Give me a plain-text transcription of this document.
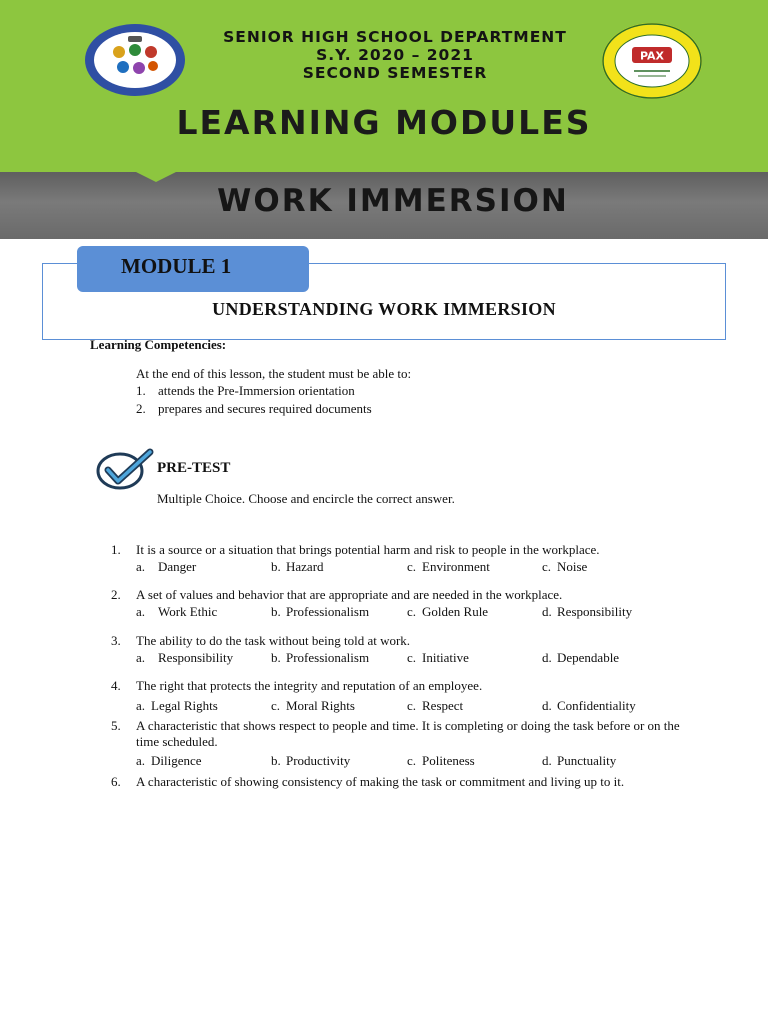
PAX
SENIOR HIGH SCHOOL DEPARTMENT
S.Y. 2020 – 2021
SECOND SEMESTER
LEARNING MODULES
WORK IMMERSION
MODULE 1
UNDERSTANDING WORK IMMERSION
Learning Competencies:
At the end of this lesson, the student must be able to:
1. attends the Pre-Immersion orientation
2. prepares and secures required documents
PRE-TEST
Multiple Choice. Choose and encircle the correct answer.
1.	It is a source or a situation that brings potential harm and risk to people in the workplace.
a. Danger	b. Hazard	c. Environment	c. Noise
2.	A set of values and behavior that are appropriate and are needed in the workplace.
a. Work Ethic	b. Professionalism	c. Golden Rule	d. Responsibility
3.	The ability to do the task without being told at work.
a. Responsibility	b. Professionalism	c. Initiative	d. Dependable
4.	The right that protects the integrity and reputation of an employee.
a. Legal Rights	c. Moral Rights	c. Respect	d. Confidentiality
5.	A characteristic that shows respect to people and time. It is completing or doing the task before or on the time scheduled.
a. Diligence	b. Productivity	c. Politeness	d. Punctuality
6.	A characteristic of showing consistency of making the task or commitment and living up to it.
